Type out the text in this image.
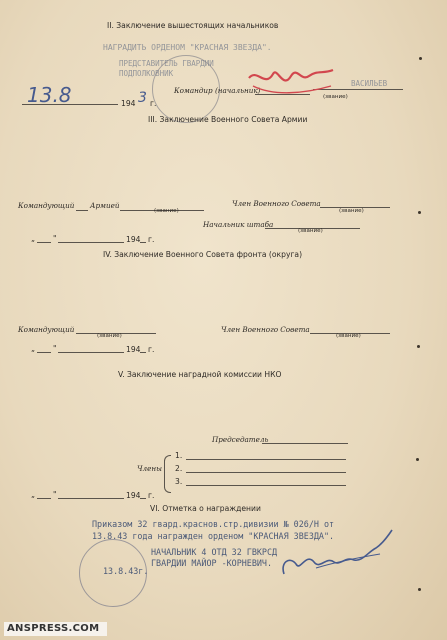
II. Заключение вышестоящих начальников
НАГРАДИТЬ ОРДЕНОМ "КРАСНАЯ ЗВЕЗДА".
ПРЕДСТАВИТЕЛЬ ГВАРДИИ
ПОДПОЛКОВНИК
Командир (начальник)
(звание)
ВАСИЛЬЕВ
13.8	194 3 г.
III. Заключение Военного Совета Армии
Командующий Армией
(звание)
Член Военного Совета
(звание)
Начальник штаба
(звание)
„ "	194 г.
IV. Заключение Военного Совета фронта (округа)
Командующий
(звание)
Член Военного Совета
(звание)
„ "	194 г.
V. Заключение наградной комиссии НКО
Председатель
Члены
1.
2.
3.
„ "	194 г.
VI. Отметка о награждении
Приказом 32 гвард.краснов.стр.дивизии № 026/Н от
13.8.43 года награжден орденом "КРАСНАЯ ЗВЕЗДА".
НАЧАЛЬНИК 4 ОТД 32 ГВКРСД
ГВАРДИИ МАЙОР -КОРНЕВИЧ.
13.8.43г.
ANSPRESS.COM
